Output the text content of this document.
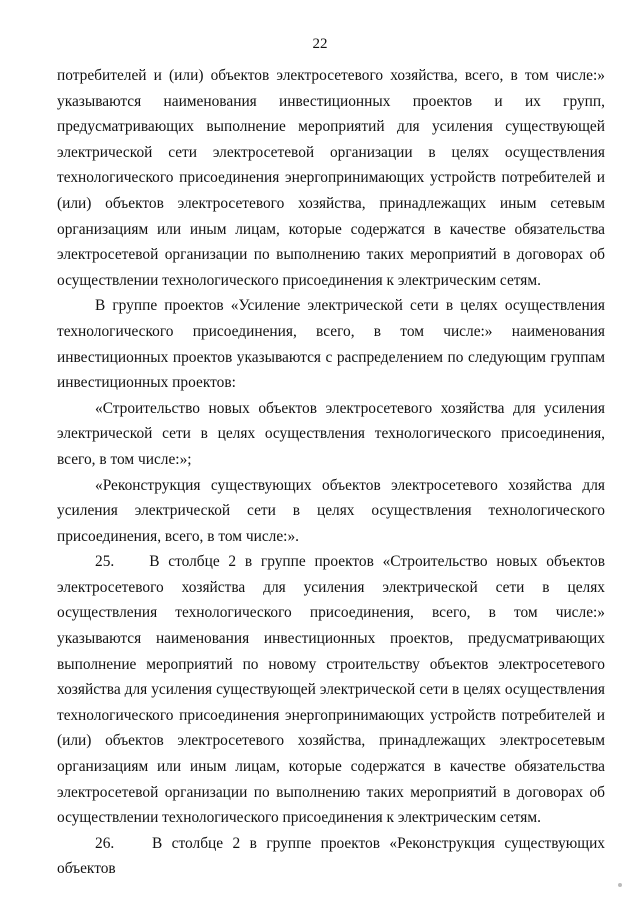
22

потребителей и (или) объектов электросетевого хозяйства, всего, в том числе:» указываются наименования инвестиционных проектов и их групп, предусматривающих выполнение мероприятий для усиления существующей электрической сети электросетевой организации в целях осуществления технологического присоединения энергопринимающих устройств потребителей и (или) объектов электросетевого хозяйства, принадлежащих иным сетевым организациям или иным лицам, которые содержатся в качестве обязательства электросетевой организации по выполнению таких мероприятий в договорах об осуществлении технологического присоединения к электрическим сетям.

В группе проектов «Усиление электрической сети в целях осуществления технологического присоединения, всего, в том числе:» наименования инвестиционных проектов указываются с распределением по следующим группам инвестиционных проектов:

«Строительство новых объектов электросетевого хозяйства для усиления электрической сети в целях осуществления технологического присоединения, всего, в том числе:»;

«Реконструкция существующих объектов электросетевого хозяйства для усиления электрической сети в целях осуществления технологического присоединения, всего, в том числе:».

25.    В столбце 2 в группе проектов «Строительство новых объектов электросетевого хозяйства для усиления электрической сети в целях осуществления технологического присоединения, всего, в том числе:» указываются наименования инвестиционных проектов, предусматривающих выполнение мероприятий по новому строительству объектов электросетевого хозяйства для усиления существующей электрической сети в целях осуществления технологического присоединения энергопринимающих устройств потребителей и (или) объектов электросетевого хозяйства, принадлежащих электросетевым организациям или иным лицам, которые содержатся в качестве обязательства электросетевой организации по выполнению таких мероприятий в договорах об осуществлении технологического присоединения к электрическим сетям.

26.    В столбце 2 в группе проектов «Реконструкция существующих объектов
